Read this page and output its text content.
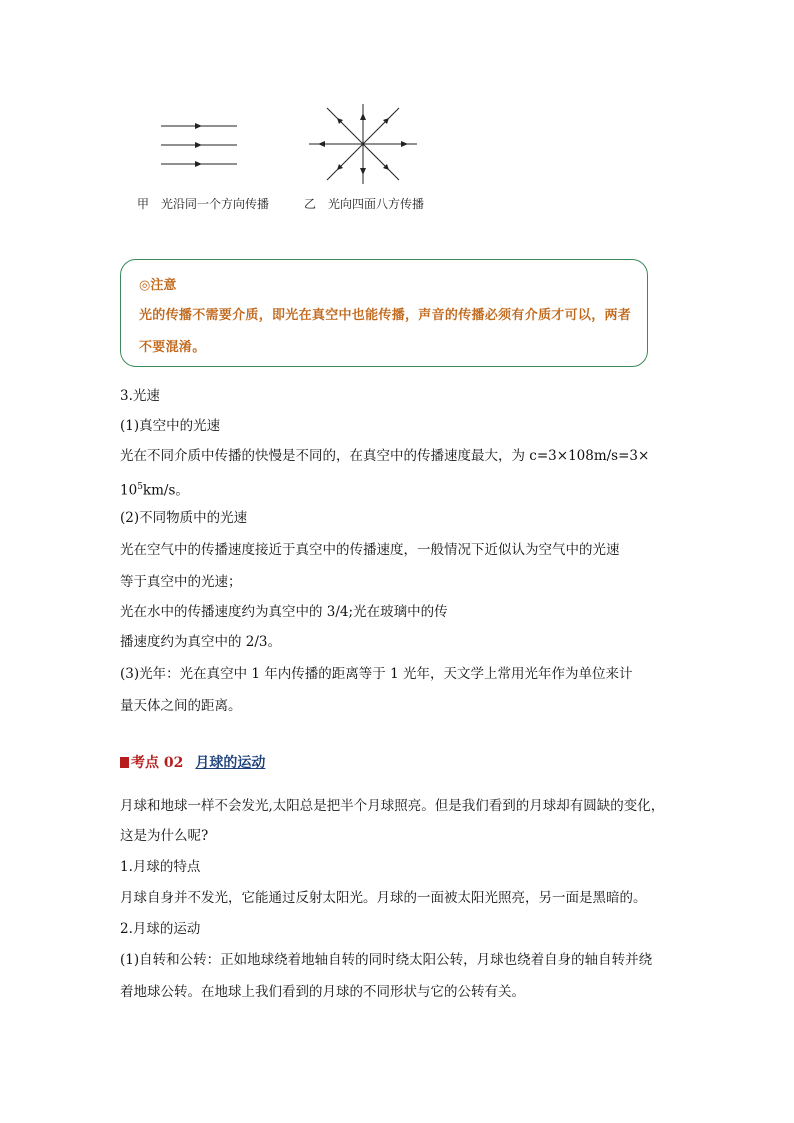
甲　光沿同一个方向传播	乙　光向四面八方传播
◎注意
光的传播不需要介质，即光在真空中也能传播，声音的传播必须有介质才可以，两者不要混淆。
3.光速
(1)真空中的光速
光在不同介质中传播的快慢是不同的，在真空中的传播速度最大，为 c=3×108m/s=3×
$10^5km/s$。
(2)不同物质中的光速
光在空气中的传播速度接近于真空中的传播速度，一般情况下近似认为空气中的光速
等于真空中的光速；
光在水中的传播速度约为真空中的 3/4;光在玻璃中的传
播速度约为真空中的 2/3。
(3)光年：光在真空中 1 年内传播的距离等于 1 光年，天文学上常用光年作为单位来计
量天体之间的距离。
考点 02 月球的运动
月球和地球一样不会发光,太阳总是把半个月球照亮。但是我们看到的月球却有圆缺的变化，
这是为什么呢?
1.月球的特点
月球自身并不发光，它能通过反射太阳光。月球的一面被太阳光照亮，另一面是黑暗的。
2.月球的运动
(1)自转和公转：正如地球绕着地轴自转的同时绕太阳公转，月球也绕着自身的轴自转并绕
着地球公转。在地球上我们看到的月球的不同形状与它的公转有关。
